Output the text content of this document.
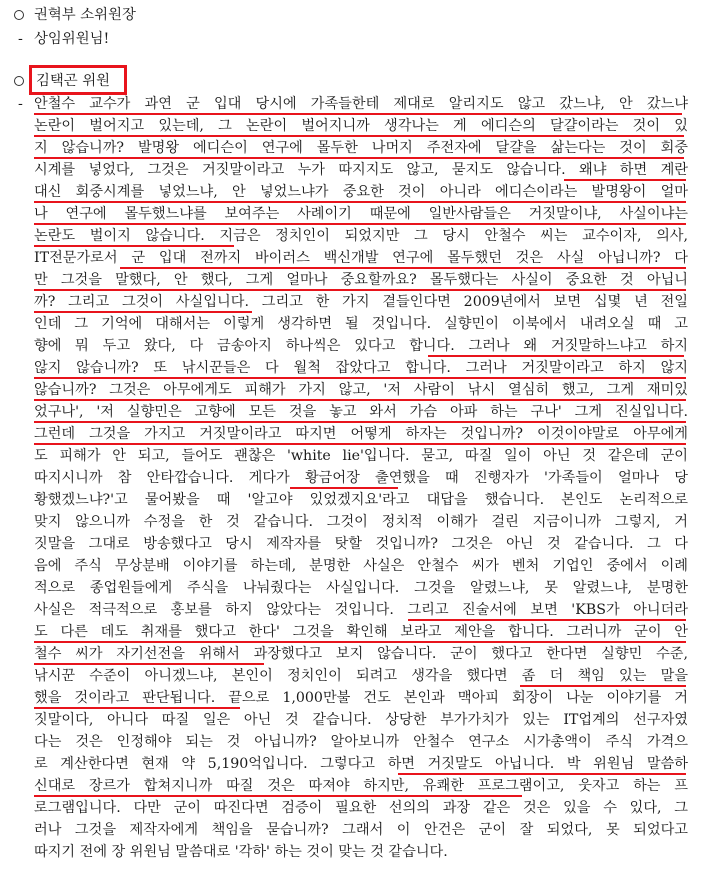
권혁부 소위원장
- 상임위원님!
김택곤 위원
- 안철수 교수가 과연 군 입대 당시에 가족들한테 제대로 알리지도 않고 갔느냐, 안 갔느냐
논란이 벌어지고 있는데, 그 논란이 벌어지니까 생각나는 게 에디슨의 달걀이라는 것이 있
지 않습니까? 발명왕 에디슨이 연구에 몰두한 나머지 주전자에 달걀을 삶는다는 것이 회중
시계를 넣었다, 그것은 거짓말이라고 누가 따지지도 않고, 묻지도 않습니다. 왜냐 하면 계란
대신 회중시계를 넣었느냐, 안 넣었느냐가 중요한 것이 아니라 에디슨이라는 발명왕이 얼마
나 연구에 몰두했느냐를 보여주는 사례이기 때문에 일반사람들은 거짓말이냐, 사실이냐는
논란도 벌이지 않습니다. 지금은 정치인이 되었지만 그 당시 안철수 씨는 교수이자, 의사,
IT전문가로서 군 입대 전까지 바이러스 백신개발 연구에 몰두했던 것은 사실 아닙니까? 다
만 그것을 말했다, 안 했다, 그게 얼마나 중요할까요? 몰두했다는 사실이 중요한 것 아닙니
까? 그리고 그것이 사실입니다. 그리고 한 가지 곁들인다면 2009년에서 보면 십몇 년 전일
인데 그 기억에 대해서는 이렇게 생각하면 될 것입니다. 실향민이 이북에서 내려오실 때 고
향에 뭐 두고 왔다, 다 금송아지 하나씩은 있다고 합니다. 그러나 왜 거짓말하느냐고 하지
않지 않습니까? 또 낚시꾼들은 다 월척 잡았다고 합니다. 그러나 거짓말이라고 하지 않지
않습니까? 그것은 아무에게도 피해가 가지 않고, '저 사람이 낚시 열심히 했고, 그게 재미있
었구나', '저 실향민은 고향에 모든 것을 놓고 와서 가슴 아파 하는 구나' 그게 진실입니다.
그런데 그것을 가지고 거짓말이라고 따지면 어떻게 하자는 것입니까? 이것이야말로 아무에게
도 피해가 안 되고, 들어도 괜찮은 'white lie'입니다. 묻고, 따질 일이 아닌 것 같은데 군이
따지시니까 참 안타깝습니다. 게다가 황금어장 출연했을 때 진행자가 '가족들이 얼마나 당
황했겠느냐?'고 물어봤을 때 '알고야 있었겠지요'라고 대답을 했습니다. 본인도 논리적으로
맞지 않으니까 수정을 한 것 같습니다. 그것이 정치적 이해가 걸린 지금이니까 그렇지, 거
짓말을 그대로 방송했다고 당시 제작자를 탓할 것입니까? 그것은 아닌 것 같습니다. 그 다
음에 주식 무상분배 이야기를 하는데, 분명한 사실은 안철수 씨가 벤처 기업인 중에서 이례
적으로 종업원들에게 주식을 나눠줬다는 사실입니다. 그것을 알렸느냐, 못 알렸느냐, 분명한
사실은 적극적으로 홍보를 하지 않았다는 것입니다. 그리고 진술서에 보면 'KBS가 아니더라
도 다른 데도 취재를 했다고 한다' 그것을 확인해 보라고 제안을 합니다. 그러니까 군이 안
철수 씨가 자기선전을 위해서 과장했다고 보지 않습니다. 군이 했다고 한다면 실향민 수준,
낚시꾼 수준이 아니겠느냐, 본인이 정치인이 되려고 생각을 했다면 좀 더 책임 있는 말을
했을 것이라고 판단됩니다. 끝으로 1,000만불 건도 본인과 맥아피 회장이 나눈 이야기를 거
짓말이다, 아니다 따질 일은 아닌 것 같습니다. 상당한 부가가치가 있는 IT업계의 선구자였
다는 것은 인정해야 되는 것 아닙니까? 알아보니까 안철수 연구소 시가총액이 주식 가격으
로 계산한다면 현재 약 5,190억입니다. 그렇다고 하면 거짓말도 아닙니다. 박 위원님 말씀하
신대로 장르가 합쳐지니까 따질 것은 따져야 하지만, 유쾌한 프로그램이고, 웃자고 하는 프
로그램입니다. 다만 군이 따진다면 검증이 필요한 선의의 과장 같은 것은 있을 수 있다, 그
러나 그것을 제작자에게 책임을 묻습니까? 그래서 이 안건은 군이 잘 되었다, 못 되었다고
따지기 전에 장 위원님 말씀대로 '각하' 하는 것이 맞는 것 같습니다.
